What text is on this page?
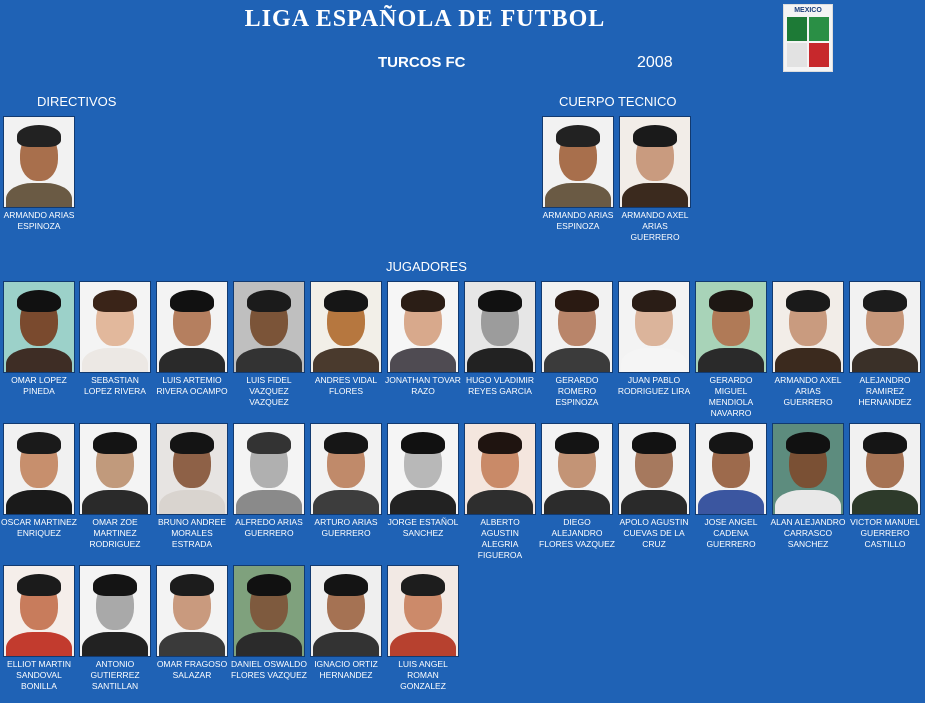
LIGA ESPAÑOLA DE FUTBOL
TURCOS FC	2008
MEXICO
DIRECTIVOS	CUERPO TECNICO
JUGADORES
ARMANDO ARIAS ESPINOZA
ARMANDO ARIAS ESPINOZA
ARMANDO AXEL ARIAS GUERRERO
OMAR LOPEZ PINEDA
SEBASTIAN LOPEZ RIVERA
LUIS ARTEMIO RIVERA OCAMPO
LUIS FIDEL VAZQUEZ VAZQUEZ
ANDRES VIDAL FLORES
JONATHAN TOVAR RAZO
HUGO VLADIMIR REYES GARCIA
GERARDO ROMERO ESPINOZA
JUAN PABLO RODRIGUEZ LIRA
GERARDO MIGUEL MENDIOLA NAVARRO
ARMANDO AXEL ARIAS GUERRERO
ALEJANDRO RAMIREZ HERNANDEZ
OSCAR MARTINEZ ENRIQUEZ
OMAR ZOE MARTINEZ RODRIGUEZ
BRUNO ANDREE MORALES ESTRADA
ALFREDO ARIAS GUERRERO
ARTURO ARIAS GUERRERO
JORGE ESTAÑOL SANCHEZ
ALBERTO AGUSTIN ALEGRIA FIGUEROA
DIEGO ALEJANDRO FLORES VAZQUEZ
APOLO AGUSTIN CUEVAS DE LA CRUZ
JOSE ANGEL CADENA GUERRERO
ALAN ALEJANDRO CARRASCO SANCHEZ
VICTOR MANUEL GUERRERO CASTILLO
ELLIOT MARTIN SANDOVAL BONILLA
ANTONIO GUTIERREZ SANTILLAN
OMAR FRAGOSO SALAZAR
DANIEL OSWALDO FLORES VAZQUEZ
IGNACIO ORTIZ HERNANDEZ
LUIS ANGEL ROMAN GONZALEZ
